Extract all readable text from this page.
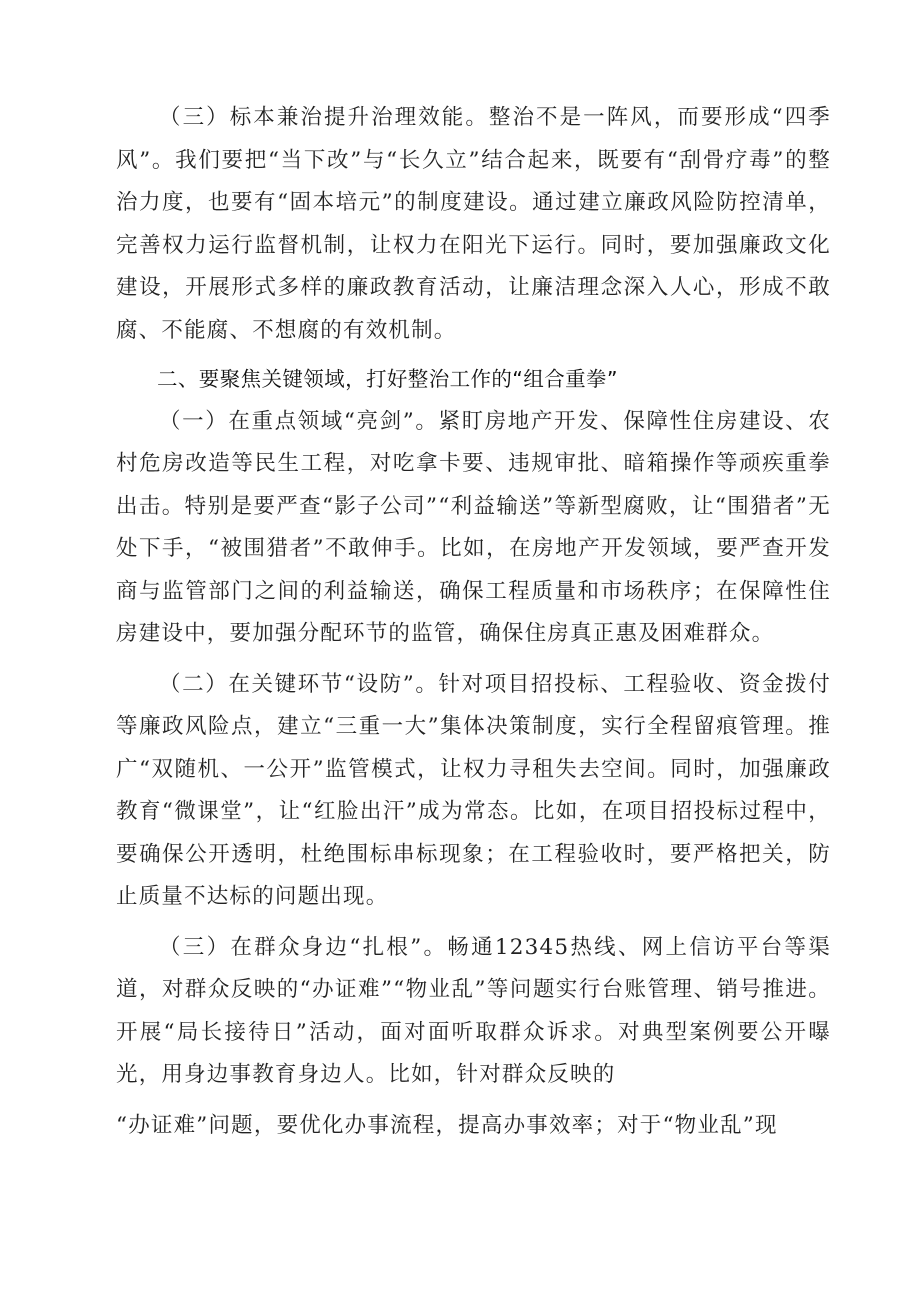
（三）标本兼治提升治理效能。整治不是一阵风，而要形成“四季风”。我们要把“当下改”与“长久立”结合起来，既要有“刮骨疗毒”的整治力度，也要有“固本培元”的制度建设。通过建立廉政风险防控清单，完善权力运行监督机制，让权力在阳光下运行。同时，要加强廉政文化建设，开展形式多样的廉政教育活动，让廉洁理念深入人心，形成不敢腐、不能腐、不想腐的有效机制。

二、要聚焦关键领域，打好整治工作的“组合重拳”

（一）在重点领域“亮剑”。紧盯房地产开发、保障性住房建设、农村危房改造等民生工程，对吃拿卡要、违规审批、暗箱操作等顽疾重拳出击。特别是要严查“影子公司”“利益输送”等新型腐败，让“围猎者”无处下手，“被围猎者”不敢伸手。比如，在房地产开发领域，要严查开发商与监管部门之间的利益输送，确保工程质量和市场秩序；在保障性住房建设中，要加强分配环节的监管，确保住房真正惠及困难群众。

（二）在关键环节“设防”。针对项目招投标、工程验收、资金拨付等廉政风险点，建立“三重一大”集体决策制度，实行全程留痕管理。推广“双随机、一公开”监管模式，让权力寻租失去空间。同时，加强廉政教育“微课堂”，让“红脸出汗”成为常态。比如，在项目招投标过程中，要确保公开透明，杜绝围标串标现象；在工程验收时，要严格把关，防止质量不达标的问题出现。

（三）在群众身边“扎根”。畅通12345热线、网上信访平台等渠道，对群众反映的“办证难”“物业乱”等问题实行台账管理、销号推进。开展“局长接待日”活动，面对面听取群众诉求。对典型案例要公开曝光，用身边事教育身边人。比如，针对群众反映的

“办证难”问题，要优化办事流程，提高办事效率；对于“物业乱”现
